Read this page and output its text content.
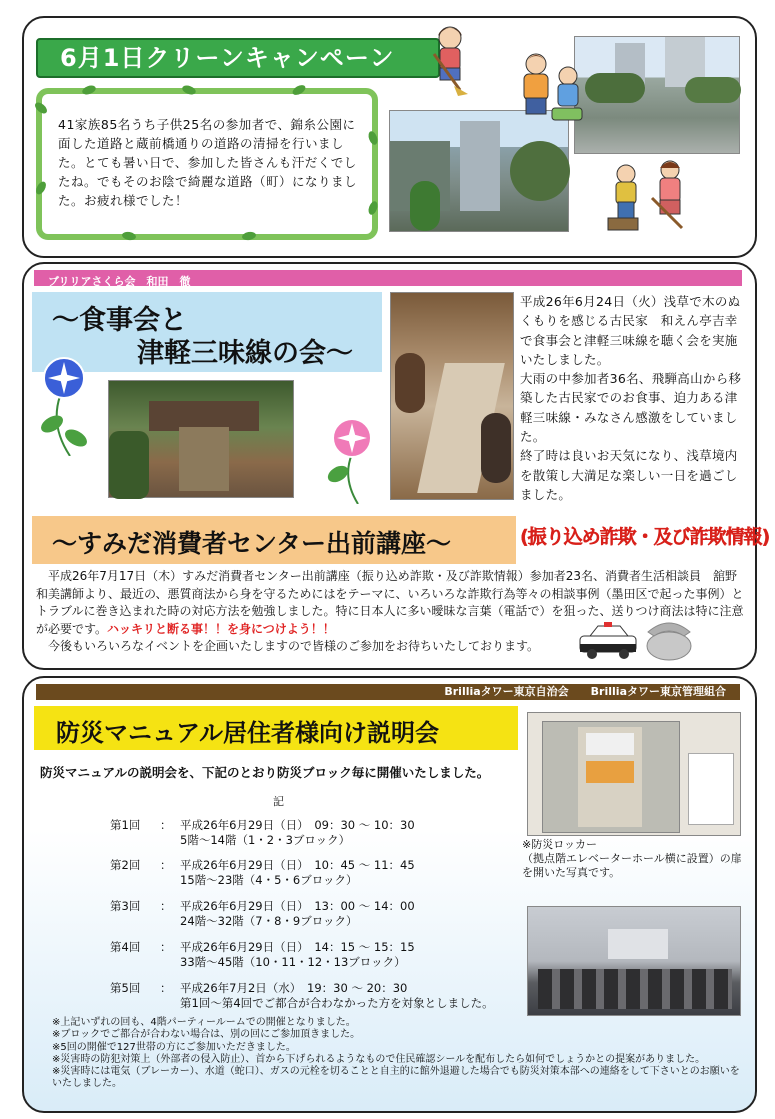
6月1日クリーンキャンペーン
41家族85名うち子供25名の参加者で、錦糸公園に面した道路と蔵前橋通りの道路の清掃を行いました。とても暑い日で、参加した皆さんも汗だくでしたね。でもそのお陰で綺麗な道路（町）になりました。お疲れ様でした！
ブリリアさくら会　和田　徹
～食事会と
津軽三味線の会～
平成26年6月24日（火）浅草で木のぬくもりを感じる古民家　和えん亭吉幸で食事会と津軽三味線を聴く会を実施いたしました。
大雨の中参加者36名、飛騨高山から移築した古民家でのお食事、迫力ある津軽三味線・みなさん感激をしていました。
終了時は良いお天気になり、浅草境内を散策し大満足な楽しい一日を過ごしました。
～すみだ消費者センター出前講座～	(振り込め詐欺・及び詐欺情報)
平成26年7月17日（木）すみだ消費者センター出前講座（振り込め詐欺・及び詐欺情報）参加者23名、消費者生活相談員　舘野和美講師より、最近の、悪質商法から身を守るためにはをテーマに、いろいろな詐欺行為等々の相談事例（墨田区で起った事例）とトラブルに巻き込まれた時の対応方法を勉強しました。特に日本人に多い曖昧な言葉（電話で）を狙った、送りつけ商法は特に注意が必要です。ハッキリと断る事！！を身につけよう！！
今後もいろいろなイベントを企画いたしますので皆様のご参加をお待ちいたしております。
Brilliaタワー東京自治会　　Brilliaタワー東京管理組合
防災マニュアル居住者様向け説明会
防災マニュアルの説明会を、下記のとおり防災ブロック毎に開催いたしました。
記
第1回	： 平成26年6月29日（日）　09：30 ～ 10：30
5階～14階（1・2・3ブロック）
第2回	： 平成26年6月29日（日）　10：45 ～ 11：45
15階～23階（4・5・6ブロック）
第3回	： 平成26年6月29日（日）　13：00 ～ 14：00
24階～32階（7・8・9ブロック）
第4回	： 平成26年6月29日（日）　14：15 ～ 15：15
33階～45階（10・11・12・13ブロック）
第5回	： 平成26年7月2日（水）　19：30 ～ 20：30
第1回～第4回でご都合が合わなかった方を対象としました。
※防災ロッカー
（拠点階エレベーターホール横に設置）の扉を開いた写真です。
※上記いずれの回も、4階パーティールームでの開催となりました。
※ブロックでご都合が合わない場合は、別の回にご参加頂きました。
※5回の開催で127世帯の方にご参加いただきました。
※災害時の防犯対策上（外部者の侵入防止）、首から下げられるようなもので住民確認シールを配布したら如何でしょうかとの提案がありました。
※災害時には電気（ブレーカー）、水道（蛇口）、ガスの元栓を切ることと自主的に館外退避した場合でも防災対策本部への連絡をして下さいとのお願いをいたしました。
